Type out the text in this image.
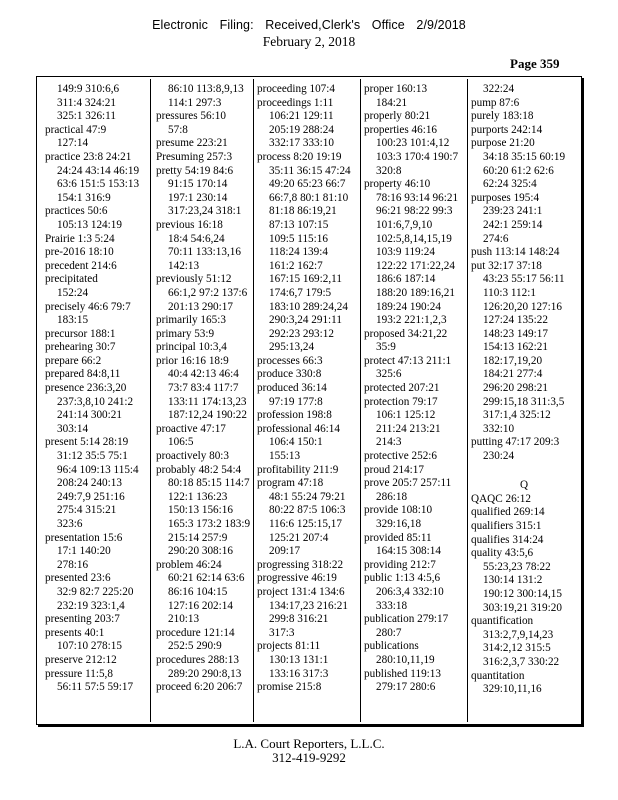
Electronic Filing: Received,Clerk's Office 2/9/2018
February 2, 2018
Page 359
149:9 310:6,6
311:4 324:21
325:1 326:11
practical 47:9
127:14
practice 23:8 24:21
24:24 43:14 46:19
63:6 151:5 153:13
154:1 316:9
practices 50:6
105:13 124:19
Prairie 1:3 5:24
pre-2016 18:10
precedent 214:6
precipitated
152:24
precisely 46:6 79:7
183:15
precursor 188:1
prehearing 30:7
prepare 66:2
prepared 84:8,11
presence 236:3,20
237:3,8,10 241:2
241:14 300:21
303:14
present 5:14 28:19
31:12 35:5 75:1
96:4 109:13 115:4
208:24 240:13
249:7,9 251:16
275:4 315:21
323:6
presentation 15:6
17:1 140:20
278:16
presented 23:6
32:9 82:7 225:20
232:19 323:1,4
presenting 203:7
presents 40:1
107:10 278:15
preserve 212:12
pressure 11:5,8
56:11 57:5 59:17
86:10 113:8,9,13
114:1 297:3
pressures 56:10
57:8
presume 223:21
Presuming 257:3
pretty 54:19 84:6
91:15 170:14
197:1 230:14
317:23,24 318:1
previous 16:18
18:4 54:6,24
70:11 133:13,16
142:13
previously 51:12
66:1,2 97:2 137:6
201:13 290:17
primarily 165:3
primary 53:9
principal 10:3,4
prior 16:16 18:9
40:4 42:13 46:4
73:7 83:4 117:7
133:11 174:13,23
187:12,24 190:22
proactive 47:17
106:5
proactively 80:3
probably 48:2 54:4
80:18 85:15 114:7
122:1 136:23
150:13 156:16
165:3 173:2 183:9
215:14 257:9
290:20 308:16
problem 46:24
60:21 62:14 63:6
86:16 104:15
127:16 202:14
210:13
procedure 121:14
252:5 290:9
procedures 288:13
289:20 290:8,13
proceed 6:20 206:7
proceeding 107:4
proceedings 1:11
106:21 129:11
205:19 288:24
332:17 333:10
process 8:20 19:19
35:11 36:15 47:24
49:20 65:23 66:7
66:7,8 80:1 81:10
81:18 86:19,21
87:13 107:15
109:5 115:16
118:24 139:4
161:2 162:7
167:15 169:2,11
174:6,7 179:5
183:10 289:24,24
290:3,24 291:11
292:23 293:12
295:13,24
processes 66:3
produce 330:8
produced 36:14
97:19 177:8
profession 198:8
professional 46:14
106:4 150:1
155:13
profitability 211:9
program 47:18
48:1 55:24 79:21
80:22 87:5 106:3
116:6 125:15,17
125:21 207:4
209:17
progressing 318:22
progressive 46:19
project 131:4 134:6
134:17,23 216:21
299:8 316:21
317:3
projects 81:11
130:13 131:1
133:16 317:3
promise 215:8
proper 160:13
184:21
properly 80:21
properties 46:16
100:23 101:4,12
103:3 170:4 190:7
320:8
property 46:10
78:16 93:14 96:21
96:21 98:22 99:3
101:6,7,9,10
102:5,8,14,15,19
103:9 119:24
122:22 171:22,24
186:6 187:14
188:20 189:16,21
189:24 190:24
193:2 221:1,2,3
proposed 34:21,22
35:9
protect 47:13 211:1
325:6
protected 207:21
protection 79:17
106:1 125:12
211:24 213:21
214:3
protective 252:6
proud 214:17
prove 205:7 257:11
286:18
provide 108:10
329:16,18
provided 85:11
164:15 308:14
providing 212:7
public 1:13 4:5,6
206:3,4 332:10
333:18
publication 279:17
280:7
publications
280:10,11,19
published 119:13
279:17 280:6
322:24
pump 87:6
purely 183:18
purports 242:14
purpose 21:20
34:18 35:15 60:19
60:20 61:2 62:6
62:24 325:4
purposes 195:4
239:23 241:1
242:1 259:14
274:6
push 113:14 148:24
put 32:17 37:18
43:23 55:17 56:11
110:3 112:1
126:20,20 127:16
127:24 135:22
148:23 149:17
154:13 162:21
182:17,19,20
184:21 277:4
296:20 298:21
299:15,18 311:3,5
317:1,4 325:12
332:10
putting 47:17 209:3
230:24

Q
QAQC 26:12
qualified 269:14
qualifiers 315:1
qualifies 314:24
quality 43:5,6
55:23,23 78:22
130:14 131:2
190:12 300:14,15
303:19,21 319:20
quantification
313:2,7,9,14,23
314:2,12 315:5
316:2,3,7 330:22
quantitation
329:10,11,16
L.A. Court Reporters, L.L.C.
312-419-9292
